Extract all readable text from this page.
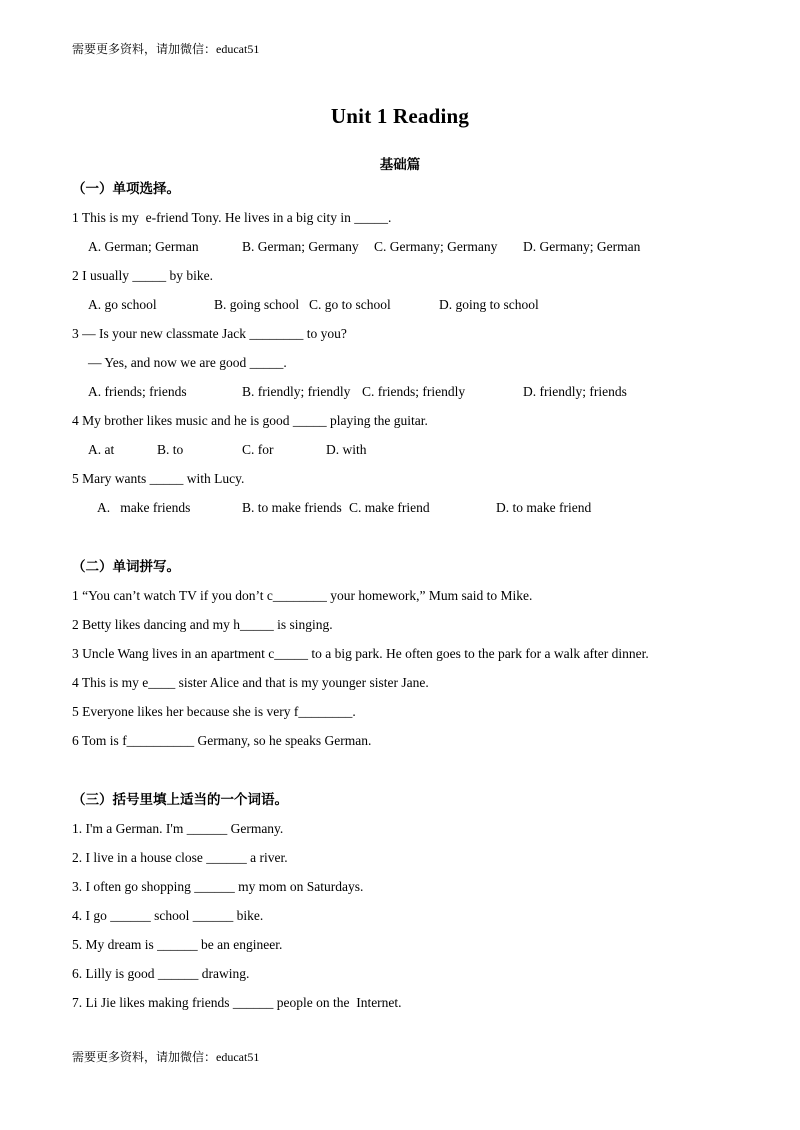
需要更多资料，请加微信：educat51
Unit 1 Reading
基础篇
（一）单项选择。
1 This is my  e-friend Tony. He lives in a big city in _____.
A. German; German	B. German; Germany C. Germany; Germany D. Germany; German
2 I usually _____ by bike.
A. go school	B. going school C. go to school	D. going to school
3 — Is your new classmate Jack ________ to you?
— Yes, and now we are good _____.
A. friends; friends	B. friendly; friendly C. friends; friendly	D. friendly; friends
4 My brother likes music and he is good _____ playing the guitar.
A. at	B. to	C. for	D. with
5 Mary wants _____ with Lucy.
A.   make friends	B. to make friends C. make friend	D. to make friend
（二）单词拼写。
1 “You can’t watch TV if you don’t c________ your homework,” Mum said to Mike.
2 Betty likes dancing and my h_____ is singing.
3 Uncle Wang lives in an apartment c_____ to a big park. He often goes to the park for a walk after dinner.
4 This is my e____ sister Alice and that is my younger sister Jane.
5 Everyone likes her because she is very f________.
6 Tom is f__________ Germany, so he speaks German.
（三）括号里填上适当的一个词语。
1. I'm a German. I'm ______ Germany.
2. I live in a house close ______ a river.
3. I often go shopping ______ my mom on Saturdays.
4. I go ______ school ______ bike.
5. My dream is ______ be an engineer.
6. Lilly is good ______ drawing.
7. Li Jie likes making friends ______ people on the  Internet.
需要更多资料，请加微信：educat51
